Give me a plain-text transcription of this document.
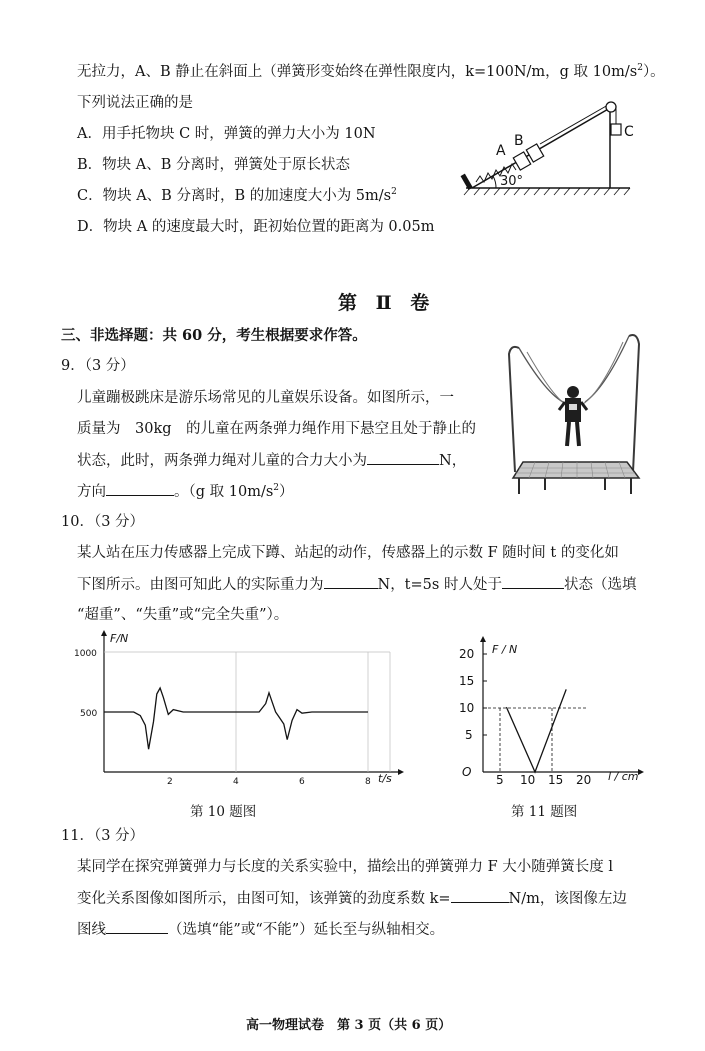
无拉力，A、B 静止在斜面上（弹簧形变始终在弹性限度内，k=100N/m，g 取 $10m/s^2$）。
下列说法正确的是
A．用手托物块 C 时，弹簧的弹力大小为 10N
B．物块 A、B 分离时，弹簧处于原长状态
C．物块 A、B 分离时，B 的加速度大小为 $5m/s^2$
D．物块 A 的速度最大时，距初始位置的距离为 0.05m
A
B
C
30°
第 Ⅱ 卷
三、非选择题：共 60 分，考生根据要求作答。
9．（3 分）
儿童蹦极跳床是游乐场常见的儿童娱乐设备。如图所示，一
质量为　30kg　的儿童在两条弹力绳作用下悬空且处于静止的
状态，此时，两条弹力绳对儿童的合力大小为	N，
方向	。（g 取 $10m/s^2$）
10．（3 分）
某人站在压力传感器上完成下蹲、站起的动作，传感器上的示数 F 随时间 t 的变化如
下图所示。由图可知此人的实际重力为	N，t=5s 时人处于	状态（选填
“超重”、“失重”或“完全失重”）。
F/N
t/s
1000
500
2	4	6	8
第 10 题图
F / N
l / cm
20
15
10
5
O
5 10 15 20
第 11 题图
11．（3 分）
某同学在探究弹簧弹力与长度的关系实验中，描绘出的弹簧弹力 F 大小随弹簧长度 l
变化关系图像如图所示，由图可知，该弹簧的劲度系数 k=	N/m，该图像左边
图线	（选填“能”或“不能”）延长至与纵轴相交。
高一物理试卷　第 3 页（共 6 页）
